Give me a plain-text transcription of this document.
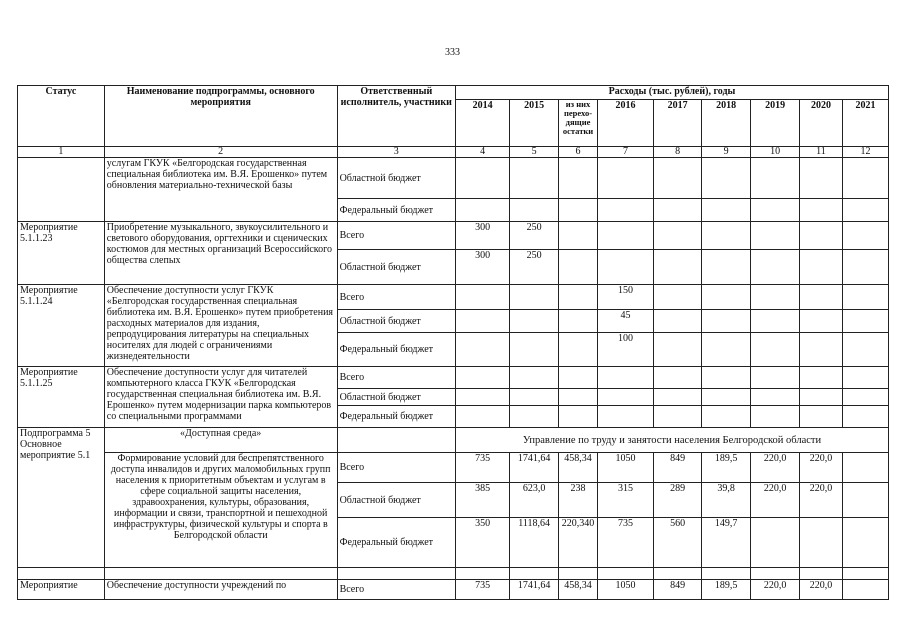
333
Статус	Наименование подпрограммы, основного мероприятия	Ответственный исполнитель, участники	Расходы (тыс. рублей), годы								
			2014	2015	из них перехо-дящие остатки	2016	2017	2018	2019	2020	2021
1	2	3	4	5	6	7	8	9	10	11	12
	услугам ГКУК «Белгородская государственная специальная библиотека им. В.Я. Ерошенко» путем обновления материально-технической базы	Областной бюджет									
		Федеральный бюджет									
Мероприятие 5.1.1.23	Приобретение музыкального, звукоусилительного и светового оборудования, оргтехники и сценических костюмов для местных организаций Всероссийского общества слепых	Всего	300	250							
		Областной бюджет	300	250							
Мероприятие 5.1.1.24	Обеспечение доступности услуг ГКУК «Белгородская государственная специальная библиотека им. В.Я. Ерошенко» путем приобретения расходных материалов для издания, репродуцирования литературы на специальных носителях для людей с ограничениями жизнедеятельности	Всего				150					
		Областной бюджет				45					
		Федеральный бюджет				100					
Мероприятие 5.1.1.25	Обеспечение доступности услуг для читателей компьютерного класса ГКУК «Белгородская государственная специальная библиотека им. В.Я. Ерошенко» путем модернизации парка компьютеров со специальными программами	Всего									
		Областной бюджет									
		Федеральный бюджет									
Подпрограмма 5 Основное мероприятие 5.1	«Доступная среда»		Управление по труду и занятости населения Белгородской области								
	Формирование условий для беспрепятственного доступа инвалидов и других маломобильных групп населения к приоритетным объектам и услугам в сфере социальной защиты населения, здравоохранения, культуры, образования, информации и связи, транспортной и пешеходной инфраструктуры, физической культуры и спорта в Белгородской области	Всего	735	1741,64	458,34	1050	849	189,5	220,0	220,0	
		Областной бюджет	385	623,0	238	315	289	39,8	220,0	220,0	
		Федеральный бюджет	350	1118,64	220,340	735	560	149,7			

Мероприятие	Обеспечение доступности учреждений по	Всего	735	1741,64	458,34	1050	849	189,5	220,0	220,0	
